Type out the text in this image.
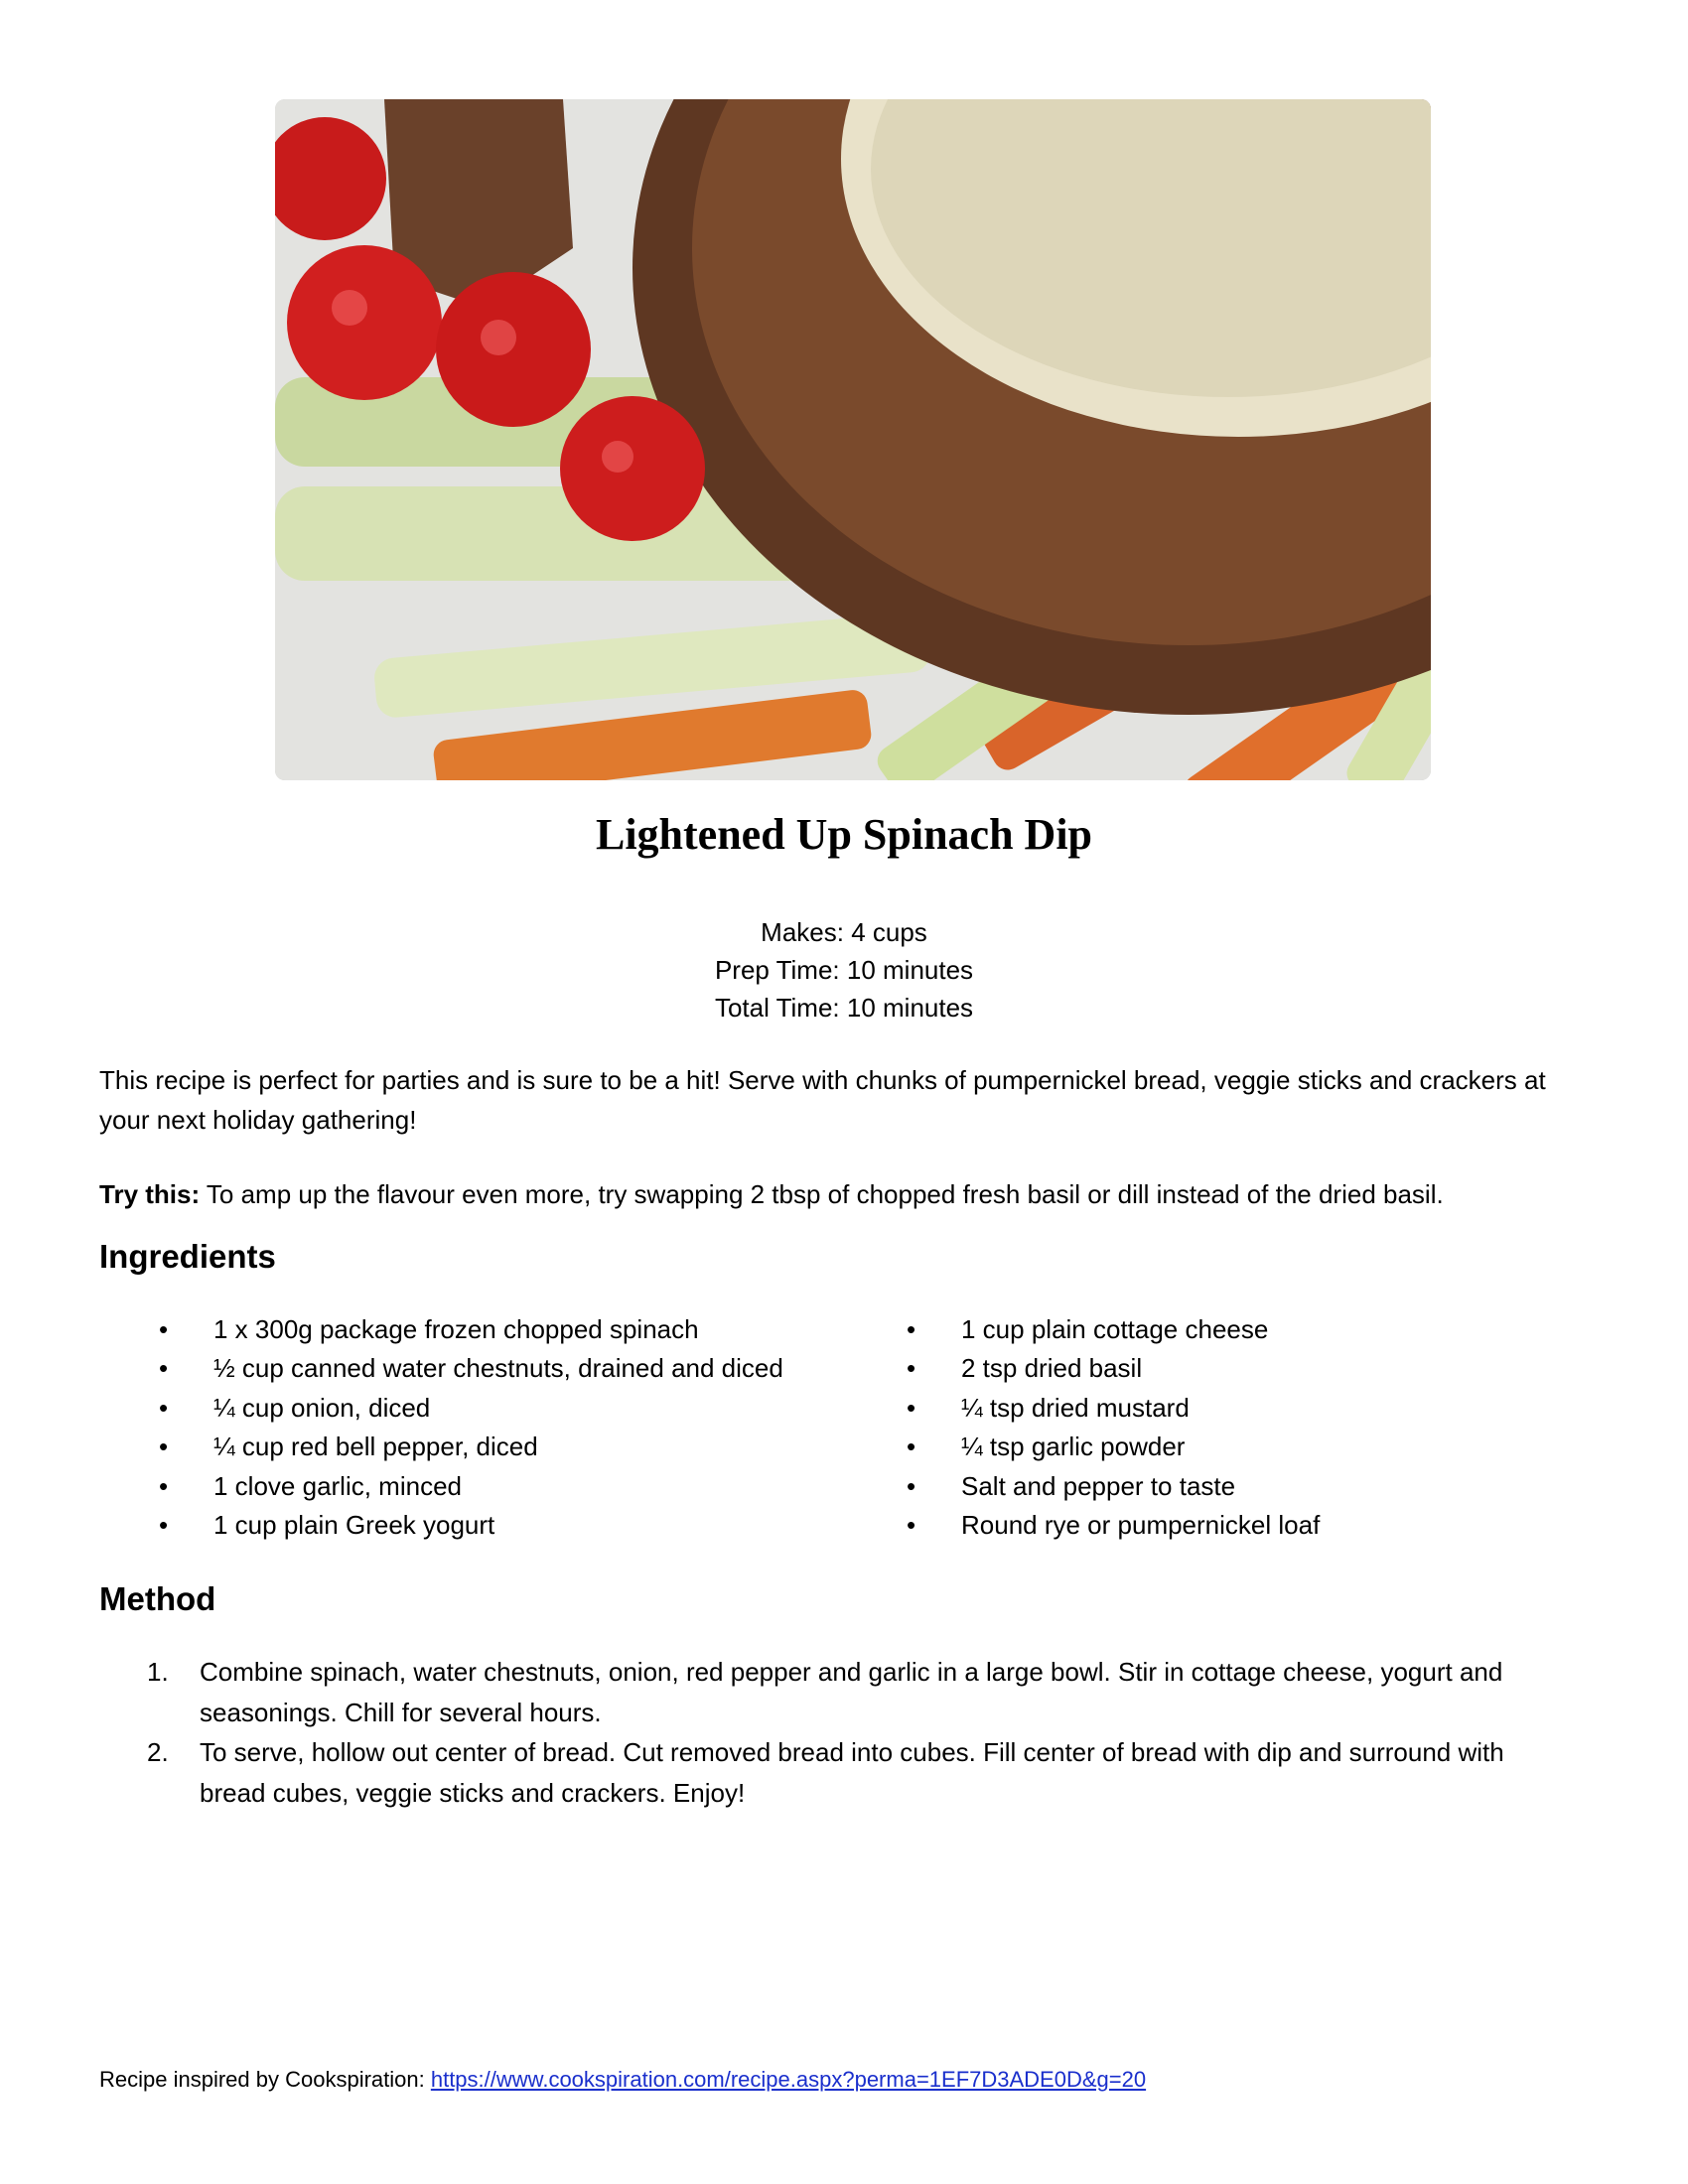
Lightened Up Spinach Dip
Makes: 4 cups
Prep Time: 10 minutes
Total Time: 10 minutes

This recipe is perfect for parties and is sure to be a hit! Serve with chunks of pumpernickel bread, veggie sticks and crackers at your next holiday gathering!

Try this: To amp up the flavour even more, try swapping 2 tbsp of chopped fresh basil or dill instead of the dried basil.

Ingredients
• 1 x 300g package frozen chopped spinach
• ½ cup canned water chestnuts, drained and diced
• ¼ cup onion, diced
• ¼ cup red bell pepper, diced
• 1 clove garlic, minced
• 1 cup plain Greek yogurt
• 1 cup plain cottage cheese
• 2 tsp dried basil
• ¼ tsp dried mustard
• ¼ tsp garlic powder
• Salt and pepper to taste
• Round rye or pumpernickel loaf
Method
1. Combine spinach, water chestnuts, onion, red pepper and garlic in a large bowl. Stir in cottage cheese, yogurt and seasonings. Chill for several hours.
2. To serve, hollow out center of bread. Cut removed bread into cubes. Fill center of bread with dip and surround with bread cubes, veggie sticks and crackers. Enjoy!
Recipe inspired by Cookspiration: https://www.cookspiration.com/recipe.aspx?perma=1EF7D3ADE0D&g=20
